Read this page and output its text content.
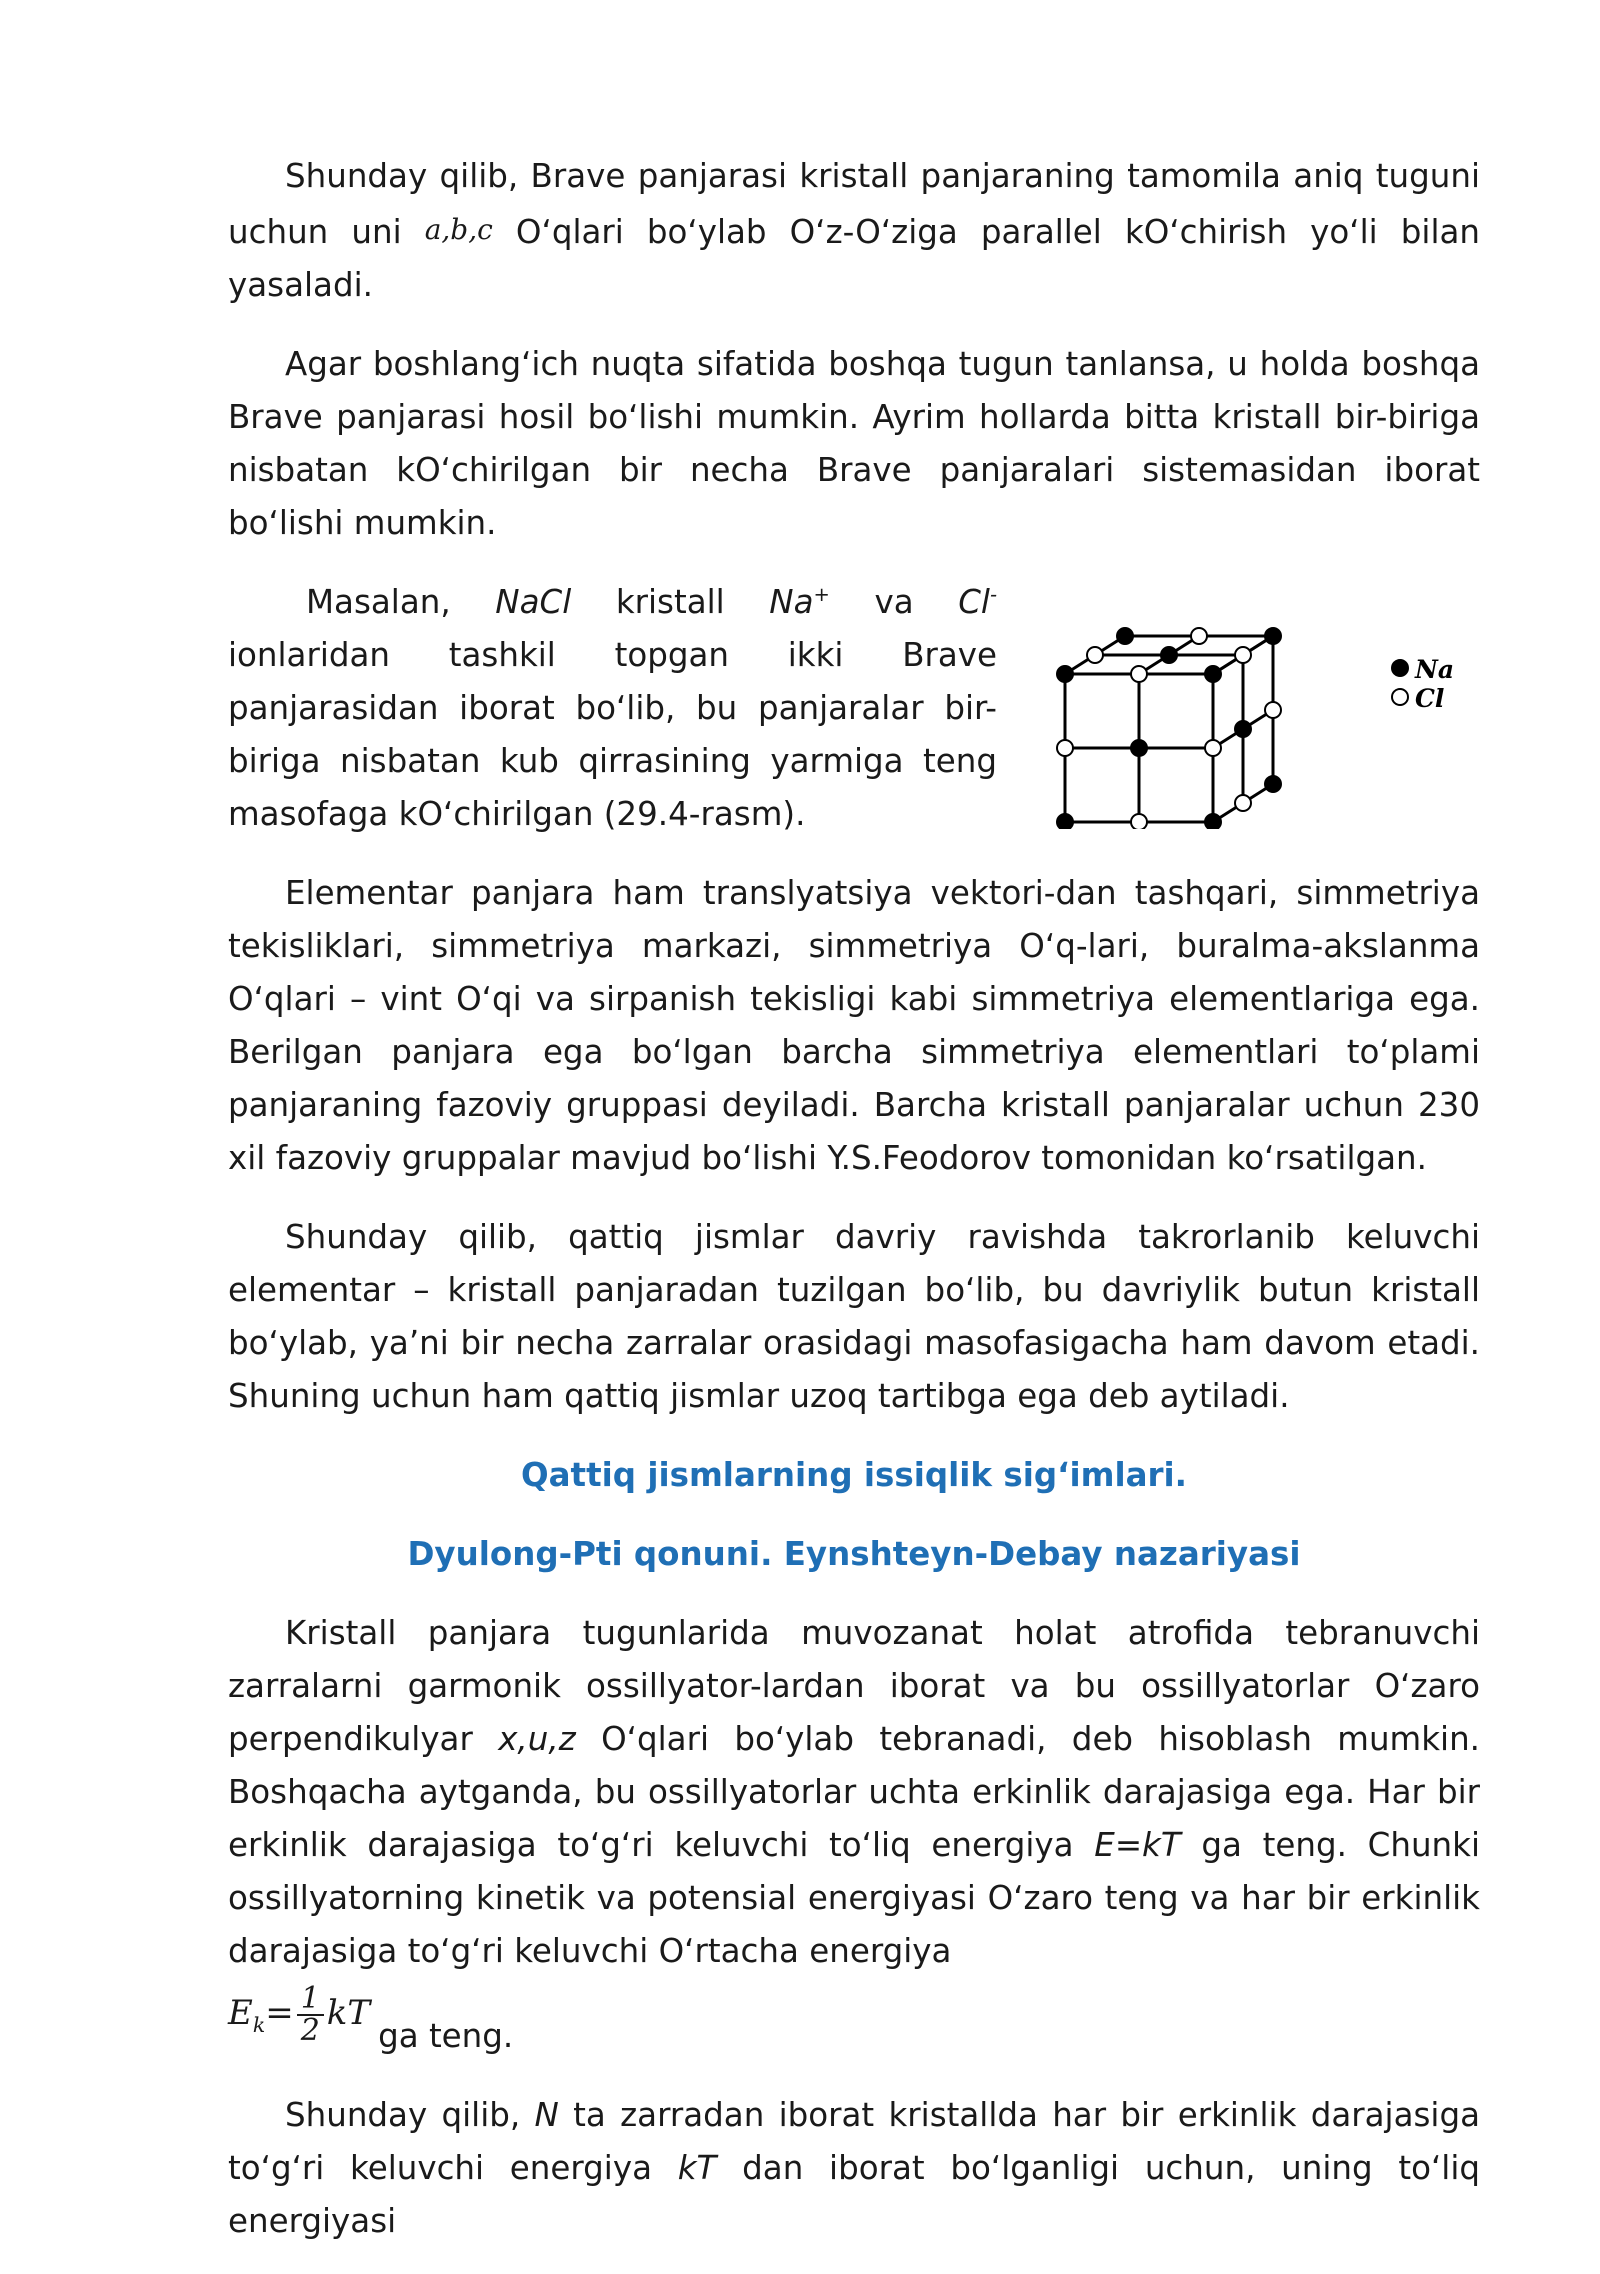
Shunday qilib, Brave panjarasi kristall panjaraning tamomila aniq tuguni uchun uni a,b,c O‘qlari bo‘ylab O‘z-O‘ziga parallel kO‘chirish yo‘li bilan yasaladi.

Agar boshlang‘ich nuqta sifatida boshqa tugun tanlansa, u holda boshqa Brave panjarasi hosil bo‘lishi mumkin. Ayrim hollarda bitta kristall bir-biriga nisbatan kO‘chirilgan bir necha Brave panjaralari sistemasidan iborat bo‘lishi mumkin.

Na
Cl

Masalan, NaCl kristall Na+ va Cl- ionlaridan tashkil topgan ikki Brave panjarasidan iborat bo‘lib, bu panjaralar bir-biriga nisbatan kub qirrasining yarmiga teng masofaga kO‘chirilgan (29.4-rasm).

Elementar panjara ham translyatsiya vektori-dan tashqari, simmetriya tekisliklari, simmetriya markazi, simmetriya O‘q-lari, buralma-akslanma O‘qlari – vint O‘qi va sirpanish tekisligi kabi simmetriya elementlariga ega. Berilgan panjara ega bo‘lgan barcha simmetriya elementlari to‘plami panjaraning fazoviy gruppasi deyiladi. Barcha kristall panjaralar uchun 230 xil fazoviy gruppalar mavjud bo‘lishi Y.S.Feodorov tomonidan ko‘rsatilgan.

Shunday qilib, qattiq jismlar davriy ravishda takrorlanib keluvchi elementar – kristall panjaradan tuzilgan bo‘lib, bu davriylik butun kristall bo‘ylab, ya’ni bir necha zarralar orasidagi masofasigacha ham davom etadi. Shuning uchun ham qattiq jismlar uzoq tartibga ega deb aytiladi.

Qattiq jismlarning issiqlik sig‘imlari.
Dyulong-Pti qonuni. Eynshteyn-Debay nazariyasi

Kristall panjara tugunlarida muvozanat holat atrofida tebranuvchi zarralarni garmonik ossillyator-lardan iborat va bu ossillyatorlar O‘zaro perpendikulyar x,u,z O‘qlari bo‘ylab tebranadi, deb hisoblash mumkin. Boshqacha aytganda, bu ossillyatorlar uchta erkinlik darajasiga ega. Har bir erkinlik darajasiga to‘g‘ri keluvchi to‘liq energiya E=kT ga teng. Chunki ossillyatorning kinetik va potensial energiyasi O‘zaro teng va har bir erkinlik darajasiga to‘g‘ri keluvchi O‘rtacha energiya

$E_k= \frac{1}{2}$ kTga teng.

Shunday qilib, N ta zarradan iborat kristallda har bir erkinlik darajasiga to‘g‘ri keluvchi energiya kT dan iborat bo‘lganligi uchun, uning to‘liq energiyasi
